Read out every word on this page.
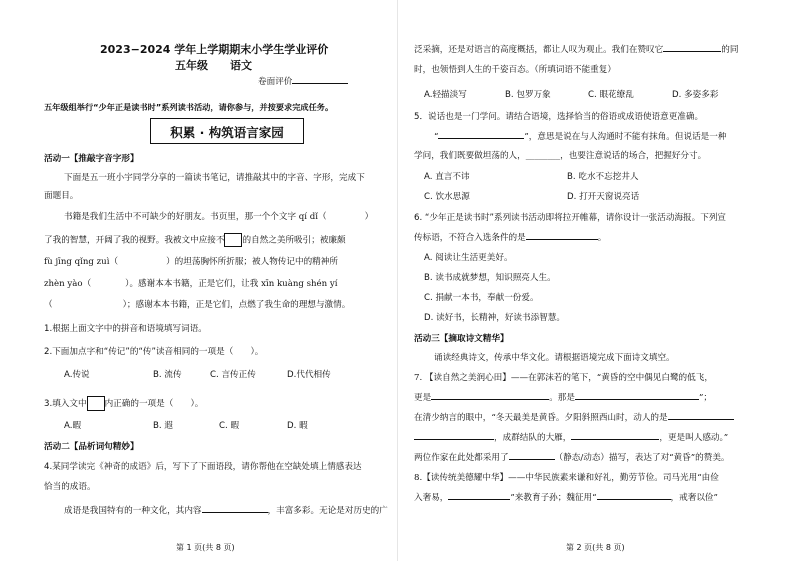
2023−2024 学年上学期期末小学生学业评价
五年级　　语文
卷面评价
五年级组举行“少年正是读书时”系列读书活动，请你参与，并按要求完成任务。
积累 · 构筑语言家园
活动一【推敲字音字形】
下面是五一班小宇同学分享的一篇读书笔记，请推敲其中的字音、字形，完成下
面题目。
书籍是我们生活中不可缺少的好朋友。书页里，那一个个文字 qí dǐ（	）
了我的智慧，开阔了我的视野。我被文中应接不 的自然之美所吸引；被廉颇
fù jīng qǐng zuì（	）的坦荡胸怀所折服；被人物传记中的精神所
zhèn yào（	）。感谢本本书籍，正是它们，让我 xīn kuàng shén yí
（	）；感谢本本书籍，正是它们，点燃了我生命的理想与激情。
1.根据上面文字中的拼音和语境填写词语。
2.下面加点字和“传记”的“传”读音相同的一项是（　　）。
A.传说	B. 流传	C. 言传正传	D.代代相传
3.填入文中 内正确的一项是（　　）。
A.暇	B. 遐	C. 暇	D. 暇
活动二【品析词句精妙】
4.某同学读完《神奇的成语》后，写下了下面语段，请你帮他在空缺处填上情感表达
恰当的成语。
成语是我国特有的一种文化，其内容	，丰富多彩。无论是对历史的广
第 1 页(共 8 页)
泛采摘，还是对语言的高度概括，都让人叹为观止。我们在赞叹它	的同
时，也领悟到人生的千姿百态。（所填词语不能重复）
A.轻描淡写	B. 包罗万象	C. 眼花缭乱	D. 多姿多彩
5．说话也是一门学问。请结合语境，选择恰当的俗语或成语使语意更准确。
“	”，意思是说在与人沟通时不能有抹角。但说话是一种
学问，我们既要做坦荡的人，________，也要注意说话的场合，把握好分寸。
A. 直言不讳	B. 吃水不忘挖井人
C. 饮水思源	D. 打开天窗说亮话
6. “少年正是读书时”系列读书活动即将拉开帷幕，请你设计一张活动海报。下列宣
传标语，不符合入选条件的是	。
A. 阅读让生活更美好。
B. 读书成就梦想，知识照亮人生。
C. 捐献一本书，奉献一份爱。
D. 读好书，长精神，好读书添智慧。
活动三【摘取诗文精华】
诵读经典诗文，传承中华文化。请根据语境完成下面诗文填空。
7. 【读自然之美润心田】——在郭沫若的笔下，“黄昏的空中偶见白鹭的低飞，
更是	。那是	”；
在清少纳言的眼中，“冬天最美是黄昏。夕阳斜照西山时，动人的是
，成群结队的大雁，	，更是叫人感动。”
两位作家在此处都采用了	（静态/动态）描写，表达了对“黄昏”的赞美。
8.【读传统美德耀中华】——中华民族素来谦和好礼，勤劳节俭。司马光用“由俭
入奢易，	”来教育子孙；魏征用“	，戒奢以俭”
第 2 页(共 8 页)
